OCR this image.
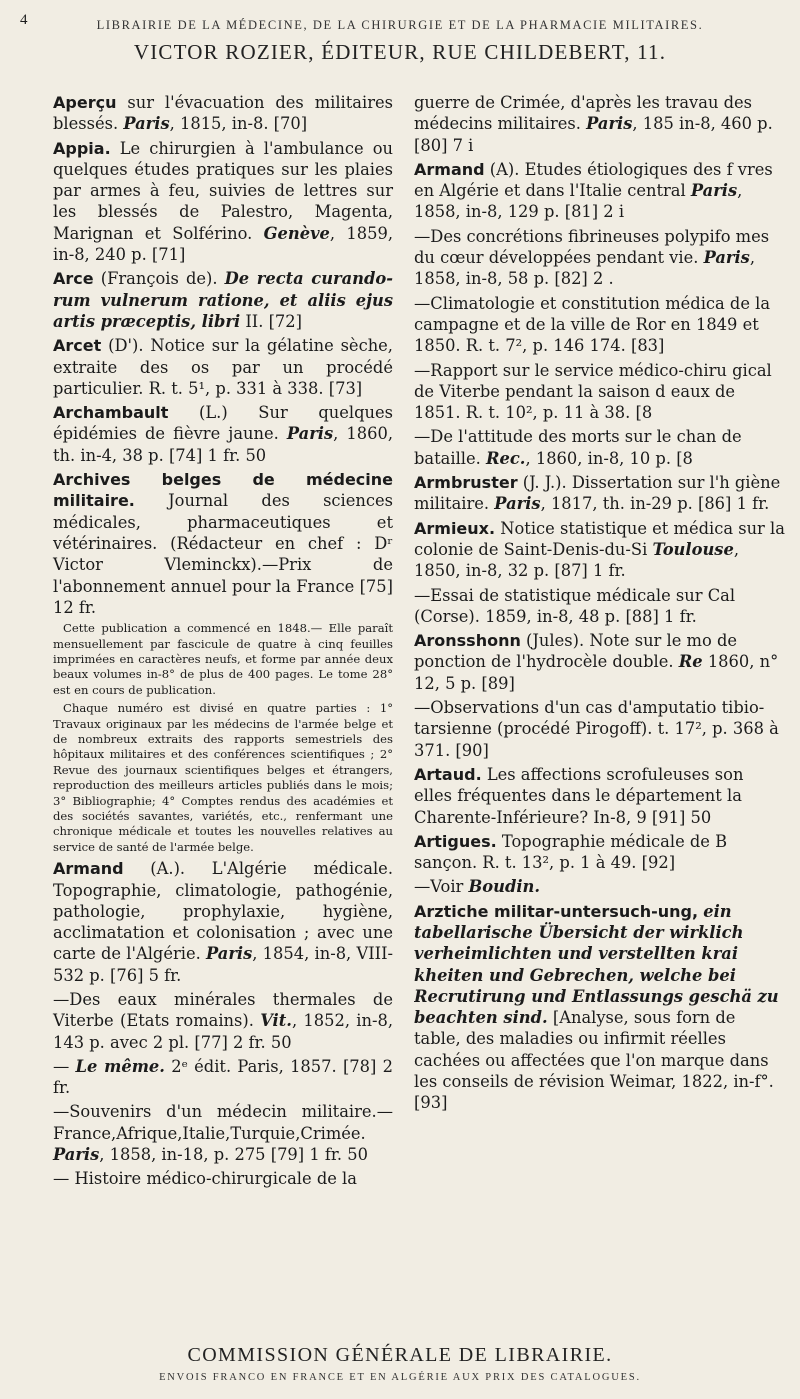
4	LIBRAIRIE DE LA MÉDECINE, DE LA CHIRURGIE ET DE LA PHARMACIE MILITAIRES.
VICTOR ROZIER, ÉDITEUR, RUE CHILDEBERT, 11.

Aperçu sur l'évacuation des militaires blessés. Paris, 1815, in-8. [70]

Appia. Le chirurgien à l'ambulance ou quelques études pratiques sur les plaies par armes à feu, suivies de lettres sur les blessés de Palestro, Magenta, Marignan et Solférino. Genève, 1859, in-8, 240 p. [71]

Arce (François de). De recta curando-rum vulnerum ratione, et aliis ejus artis præceptis, libri II. [72]

Arcet (D'). Notice sur la gélatine sèche, extraite des os par un procédé particulier. R. t. 5¹, p. 331 à 338. [73]

Archambault (L.) Sur quelques épidémies de fièvre jaune. Paris, 1860, th. in-4, 38 p. [74] 1 fr. 50

Archives belges de médecine militaire. Journal des sciences médicales, pharmaceutiques et vétérinaires. (Rédacteur en chef : Dʳ Victor Vleminckx).—Prix de l'abonnement annuel pour la France [75] 12 fr.

Cette publication a commencé en 1848.— Elle paraît mensuellement par fascicule de quatre à cinq feuilles imprimées en caractères neufs, et forme par année deux beaux volumes in-8° de plus de 400 pages. Le tome 28° est en cours de publication.

Chaque numéro est divisé en quatre parties : 1° Travaux originaux par les médecins de l'armée belge et de nombreux extraits des rapports semestriels des hôpitaux militaires et des conférences scientifiques ; 2° Revue des journaux scientifiques belges et étrangers, reproduction des meilleurs articles publiés dans le mois; 3° Bibliographie; 4° Comptes rendus des académies et des sociétés savantes, variétés, etc., renfermant une chronique médicale et toutes les nouvelles relatives au service de santé de l'armée belge.

Armand (A.). L'Algérie médicale. Topographie, climatologie, pathogénie, pathologie, prophylaxie, hygiène, acclimatation et colonisation ; avec une carte de l'Algérie. Paris, 1854, in-8, VIII-532 p. [76] 5 fr.

—Des eaux minérales thermales de Viterbe (Etats romains). Vit., 1852, in-8, 143 p. avec 2 pl. [77] 2 fr. 50

— Le même. 2ᵉ édit. Paris, 1857. [78] 2 fr.

—Souvenirs d'un médecin militaire.— France,Afrique,Italie,Turquie,Crimée. Paris, 1858, in-18, p. 275 [79] 1 fr. 50

— Histoire médico-chirurgicale de la

guerre de Crimée, d'après les travau des médecins militaires. Paris, 185 in-8, 460 p. [80] 7 i

Armand (A). Etudes étiologiques des f vres en Algérie et dans l'Italie central Paris, 1858, in-8, 129 p. [81] 2 i

—Des concrétions fibrineuses polypifo mes du cœur développées pendant vie. Paris, 1858, in-8, 58 p. [82] 2 .

—Climatologie et constitution médica de la campagne et de la ville de Ror en 1849 et 1850. R. t. 7², p. 146 174. [83]

—Rapport sur le service médico-chiru gical de Viterbe pendant la saison d eaux de 1851. R. t. 10², p. 11 à 38. [8

—De l'attitude des morts sur le chan de bataille. Rec., 1860, in-8, 10 p. [8

Armbruster (J. J.). Dissertation sur l'h giène militaire. Paris, 1817, th. in-29 p. [86] 1 fr.

Armieux. Notice statistique et médica sur la colonie de Saint-Denis-du-Si Toulouse, 1850, in-8, 32 p. [87] 1 fr.

—Essai de statistique médicale sur Cal (Corse). 1859, in-8, 48 p. [88] 1 fr.

Aronsshonn (Jules). Note sur le mo de ponction de l'hydrocèle double. Re 1860, n° 12, 5 p. [89]

—Observations d'un cas d'amputatio tibio-tarsienne (procédé Pirogoff). t. 17², p. 368 à 371. [90]

Artaud. Les affections scrofuleuses son elles fréquentes dans le département la Charente-Inférieure? In-8, 9 [91] 50

Artigues. Topographie médicale de B sançon. R. t. 13², p. 1 à 49. [92]

—Voir Boudin.

Arztiche militar-untersuch-ung, ein tabellarische Übersicht der wirklich verheimlichten und verstellten krai kheiten und Gebrechen, welche bei Recrutirung und Entlassungs geschä zu beachten sind. [Analyse, sous forn de table, des maladies ou infirmit réelles cachées ou affectées que l'on marque dans les conseils de révision Weimar, 1822, in-f°. [93]

COMMISSION GÉNÉRALE DE LIBRAIRIE.
ENVOIS FRANCO EN FRANCE ET EN ALGÉRIE AUX PRIX DES CATALOGUES.
